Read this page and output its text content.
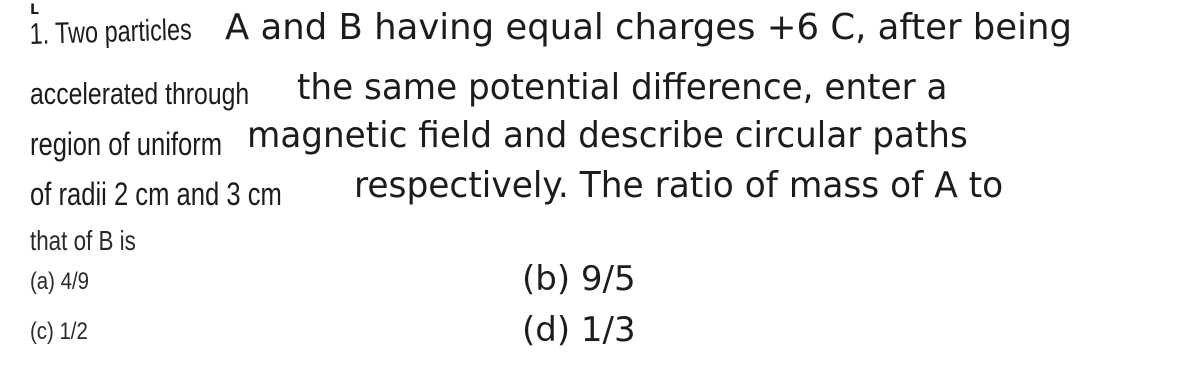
L
1. Two particles A and B having equal charges +6 C, after being
accelerated through	the same potential difference, enter a
region of uniform magnetic field and describe circular paths
of radii 2 cm and 3 cm	respectively. The ratio of mass of A to
that of B is
(a) 4/9	(b) 9/5
(c) 1/2	(d) 1/3
